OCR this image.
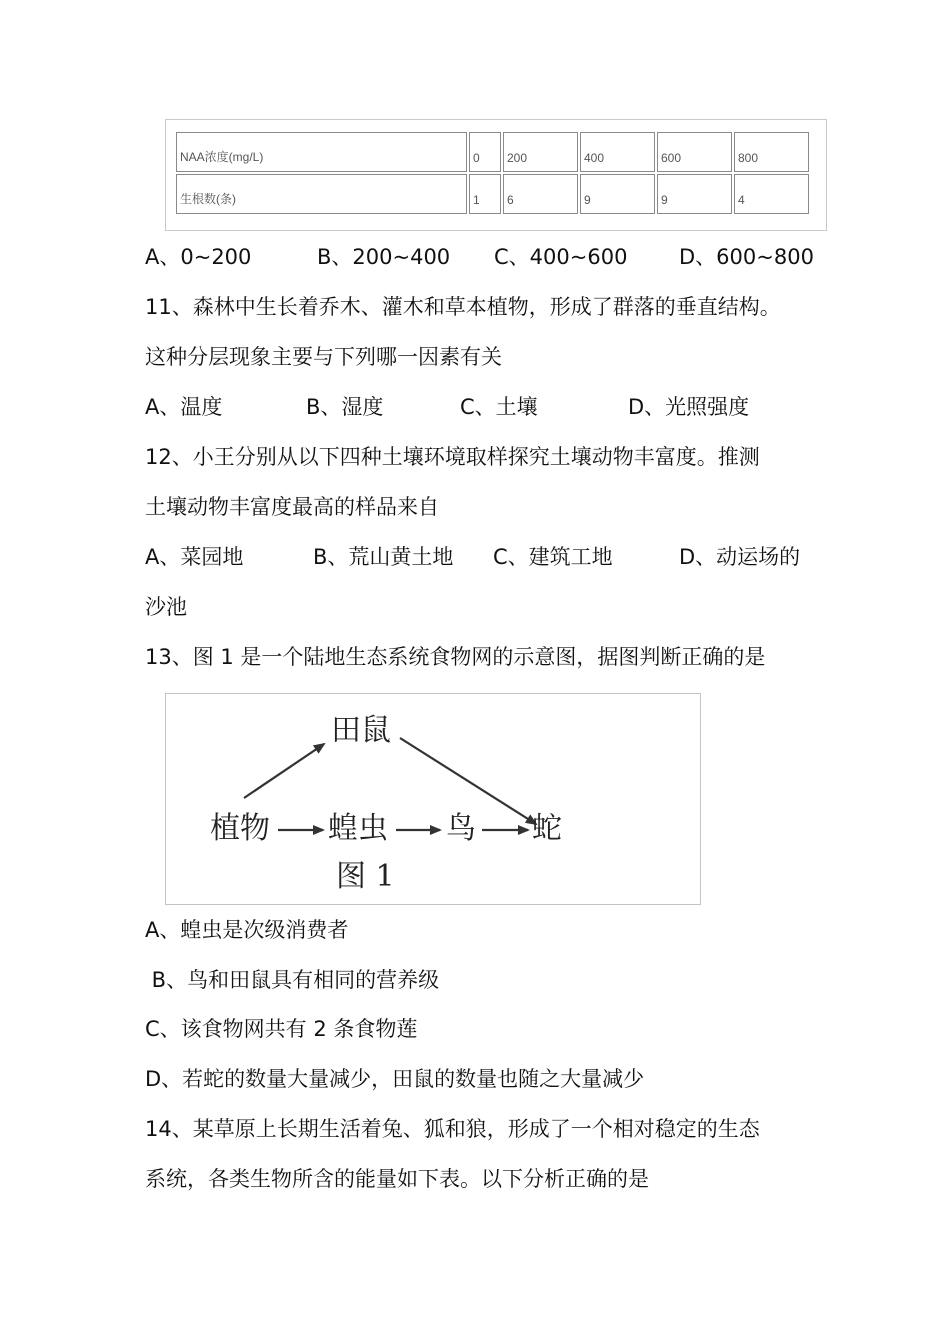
NAA浓度(mg/L)	0	200	400	600	800
生根数(条)	1	6	9	9	4
A、0~200	B、200~400 C、400~600 D、600~800
11、森林中生长着乔木、灌木和草本植物，形成了群落的垂直结构。
这种分层现象主要与下列哪一因素有关
A、温度	B、湿度	C、土壤	D、光照强度
12、小王分别从以下四种土壤环境取样探究土壤动物丰富度。推测
土壤动物丰富度最高的样品来自
A、菜园地	B、荒山黄土地 C、建筑工地	D、动运场的
沙池
13、图 1 是一个陆地生态系统食物网的示意图，据图判断正确的是
田鼠
植物 蝗虫 鸟 蛇
图 1
A、蝗虫是次级消费者
B、鸟和田鼠具有相同的营养级
C、该食物网共有 2 条食物莲
D、若蛇的数量大量减少，田鼠的数量也随之大量减少
14、某草原上长期生活着兔、狐和狼，形成了一个相对稳定的生态
系统，各类生物所含的能量如下表。以下分析正确的是
